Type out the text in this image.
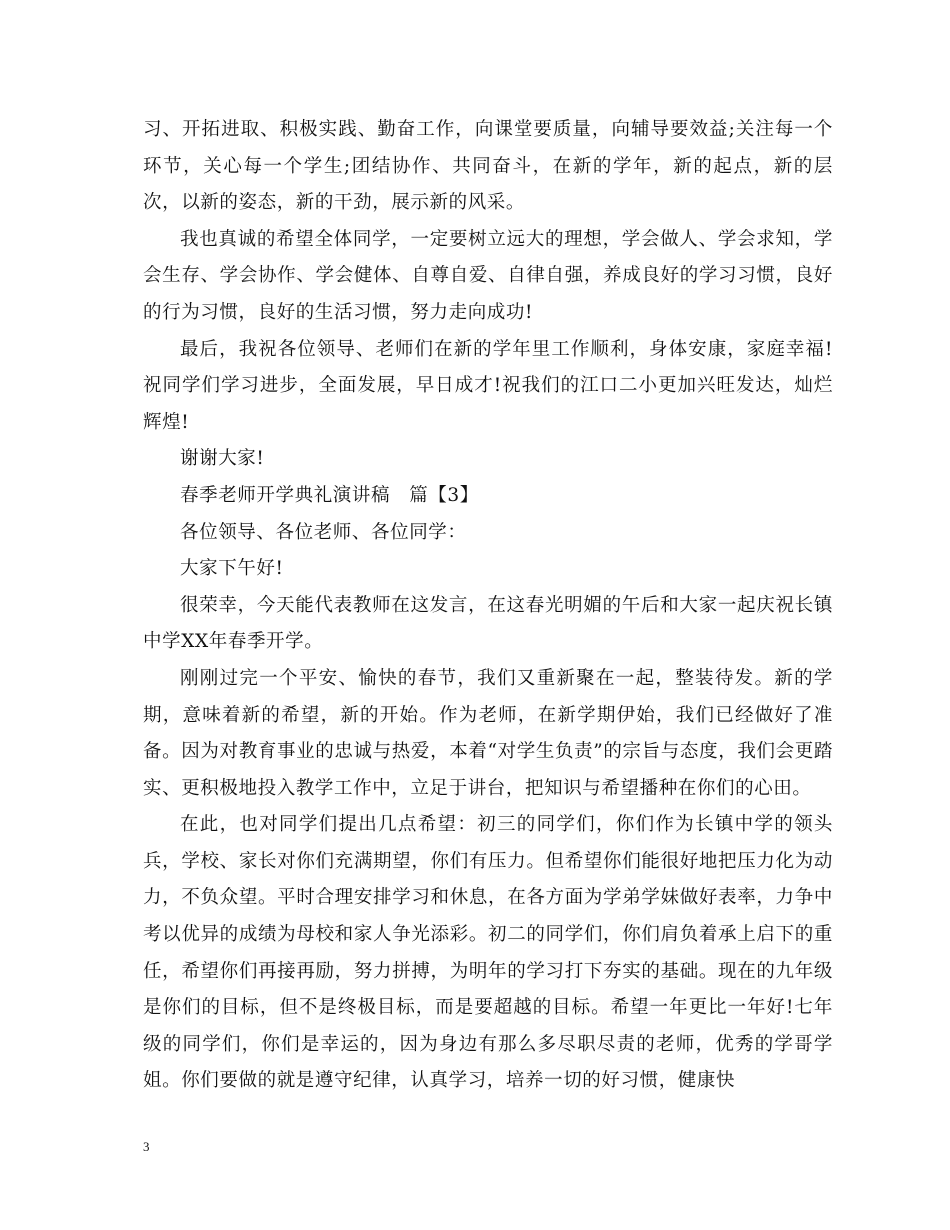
习、开拓进取、积极实践、勤奋工作，向课堂要质量，向辅导要效益;关注每一个环节，关心每一个学生;团结协作、共同奋斗，在新的学年，新的起点，新的层次，以新的姿态，新的干劲，展示新的风采。

我也真诚的希望全体同学，一定要树立远大的理想，学会做人、学会求知，学会生存、学会协作、学会健体、自尊自爱、自律自强，养成良好的学习习惯，良好的行为习惯，良好的生活习惯，努力走向成功!

最后，我祝各位领导、老师们在新的学年里工作顺利，身体安康，家庭幸福!祝同学们学习进步，全面发展，早日成才!祝我们的江口二小更加兴旺发达，灿烂辉煌!

谢谢大家!

春季老师开学典礼演讲稿　篇【3】

各位领导、各位老师、各位同学：

大家下午好!

很荣幸，今天能代表教师在这发言，在这春光明媚的午后和大家一起庆祝长镇中学XX年春季开学。

刚刚过完一个平安、愉快的春节，我们又重新聚在一起，整装待发。新的学期，意味着新的希望，新的开始。作为老师，在新学期伊始，我们已经做好了准备。因为对教育事业的忠诚与热爱，本着“对学生负责”的宗旨与态度，我们会更踏实、更积极地投入教学工作中，立足于讲台，把知识与希望播种在你们的心田。

在此，也对同学们提出几点希望：初三的同学们，你们作为长镇中学的领头兵，学校、家长对你们充满期望，你们有压力。但希望你们能很好地把压力化为动力，不负众望。平时合理安排学习和休息，在各方面为学弟学妹做好表率，力争中考以优异的成绩为母校和家人争光添彩。初二的同学们，你们肩负着承上启下的重任，希望你们再接再励，努力拼搏，为明年的学习打下夯实的基础。现在的九年级是你们的目标，但不是终极目标，而是要超越的目标。希望一年更比一年好!七年级的同学们，你们是幸运的，因为身边有那么多尽职尽责的老师，优秀的学哥学姐。你们要做的就是遵守纪律，认真学习，培养一切的好习惯，健康快

3
